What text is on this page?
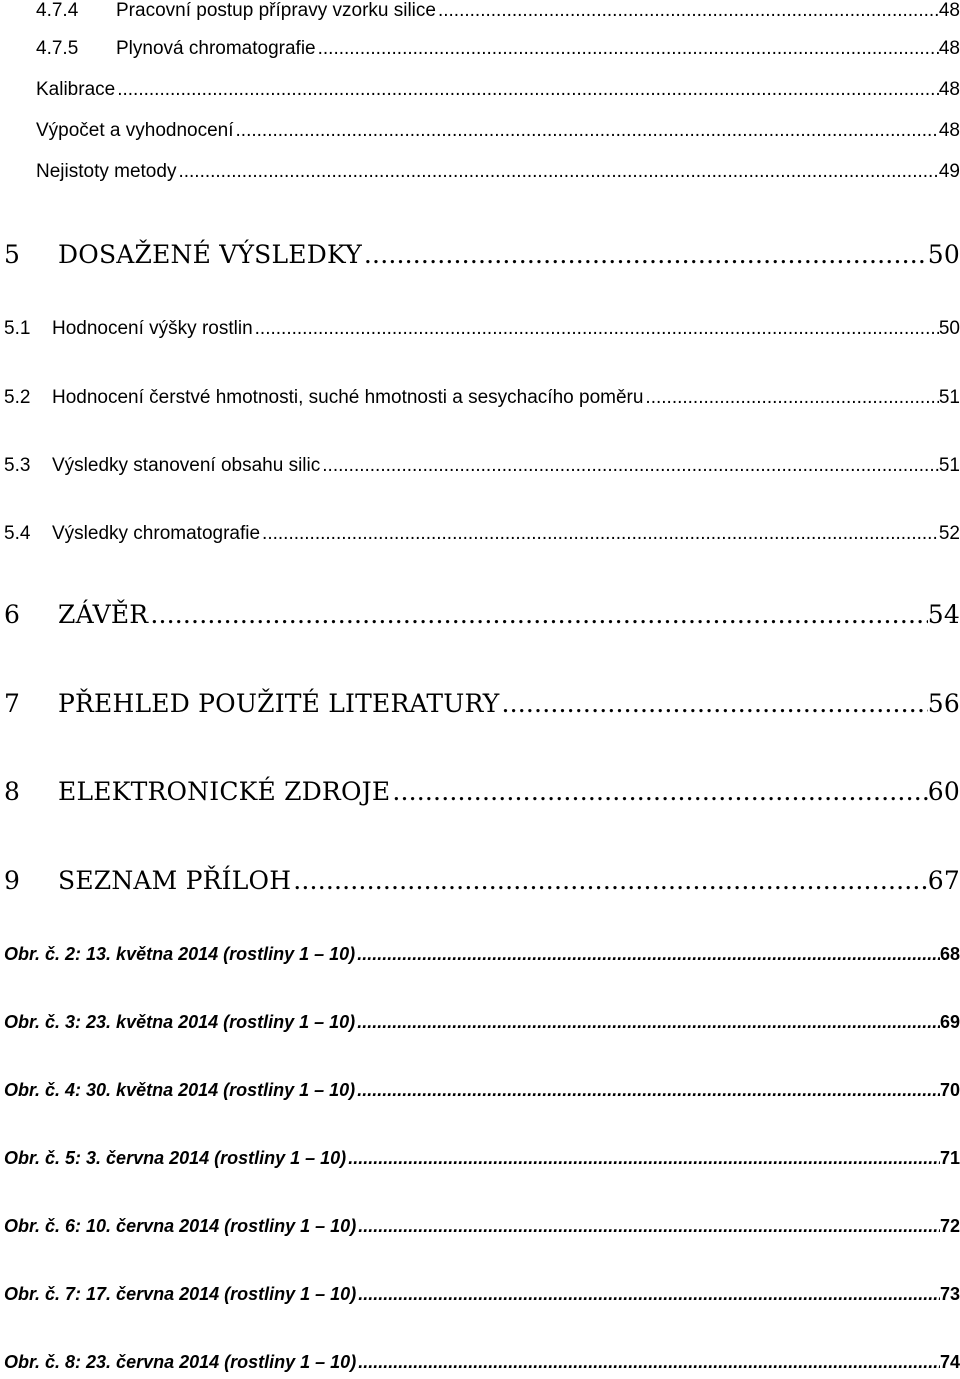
4.7.4	Pracovní postup přípravy vzorku silice .....	48
4.7.5	Plynová chromatografie .....	48
Kalibrace .....	48
Výpočet a vyhodnocení .....	48
Nejistoty metody .....	49
5	DOSAŽENÉ VÝSLEDKY .....	50
5.1	Hodnocení výšky rostlin .....	50
5.2	Hodnocení čerstvé hmotnosti, suché hmotnosti a sesychacího poměru .....	51
5.3	Výsledky stanovení obsahu silic .....	51
5.4	Výsledky chromatografie .....	52
6	ZÁVĚR .....	54
7	PŘEHLED POUŽITÉ LITERATURY .....	56
8	ELEKTRONICKÉ ZDROJE .....	60
9	SEZNAM PŘÍLOH .....	67
Obr. č. 2: 13. května 2014 (rostliny 1 – 10) .....	68
Obr. č. 3: 23. května 2014 (rostliny 1 – 10) .....	69
Obr. č. 4: 30. května 2014 (rostliny 1 – 10) .....	70
Obr. č. 5: 3. června 2014 (rostliny 1 – 10) .....	71
Obr. č. 6: 10. června 2014 (rostliny 1 – 10) .....	72
Obr. č. 7: 17. června 2014 (rostliny 1 – 10) .....	73
Obr. č. 8: 23. června 2014 (rostliny 1 – 10) .....	74
